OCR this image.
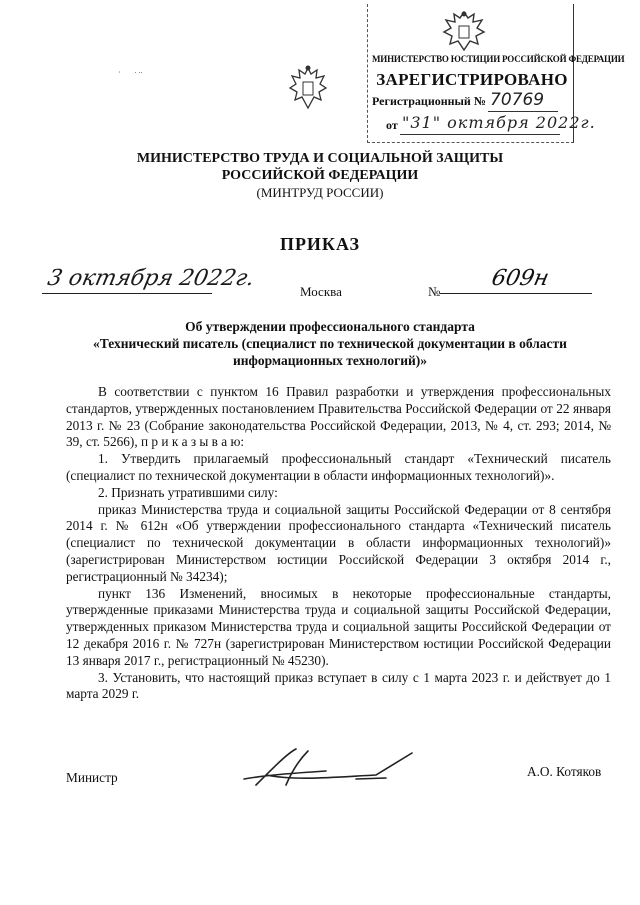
МИНИСТЕРСТВО ЮСТИЦИИ РОССИЙСКОЙ ФЕДЕРАЦИИ
ЗАРЕГИСТРИРОВАНО
Регистрационный № 70769
от "31" октября 2022г.
·       ∙ ∙∙
МИНИСТЕРСТВО ТРУДА И СОЦИАЛЬНОЙ ЗАЩИТЫ
РОССИЙСКОЙ ФЕДЕРАЦИИ
(МИНТРУД РОССИИ)
ПРИКАЗ
3 октября 2022г.
Москва	№
609н
Об утверждении профессионального стандарта
«Технический писатель (специалист по технической документации в области
информационных технологий)»

В соответствии с пунктом 16 Правил разработки и утверждения профессиональных стандартов, утвержденных постановлением Правительства Российской Федерации от 22 января 2013 г. № 23 (Собрание законодательства Российской Федерации, 2013, № 4, ст. 293; 2014, № 39, ст. 5266), п р и к а з ы в а ю:

1. Утвердить прилагаемый профессиональный стандарт «Технический писатель (специалист по технической документации в области информационных технологий)».

2. Признать утратившими силу:

приказ Министерства труда и социальной защиты Российской Федерации от 8 сентября 2014 г. № 612н «Об утверждении профессионального стандарта «Технический писатель (специалист по технической документации в области информационных технологий)» (зарегистрирован Министерством юстиции Российской Федерации 3 октября 2014 г., регистрационный № 34234);

пункт 136 Изменений, вносимых в некоторые профессиональные стандарты, утвержденные приказами Министерства труда и социальной защиты Российской Федерации, утвержденных приказом Министерства труда и социальной защиты Российской Федерации от 12 декабря 2016 г. № 727н (зарегистрирован Министерством юстиции Российской Федерации 13 января 2017 г., регистрационный № 45230).

3. Установить, что настоящий приказ вступает в силу с 1 марта 2023 г. и действует до 1 марта 2029 г.

Министр	А.О. Котяков
